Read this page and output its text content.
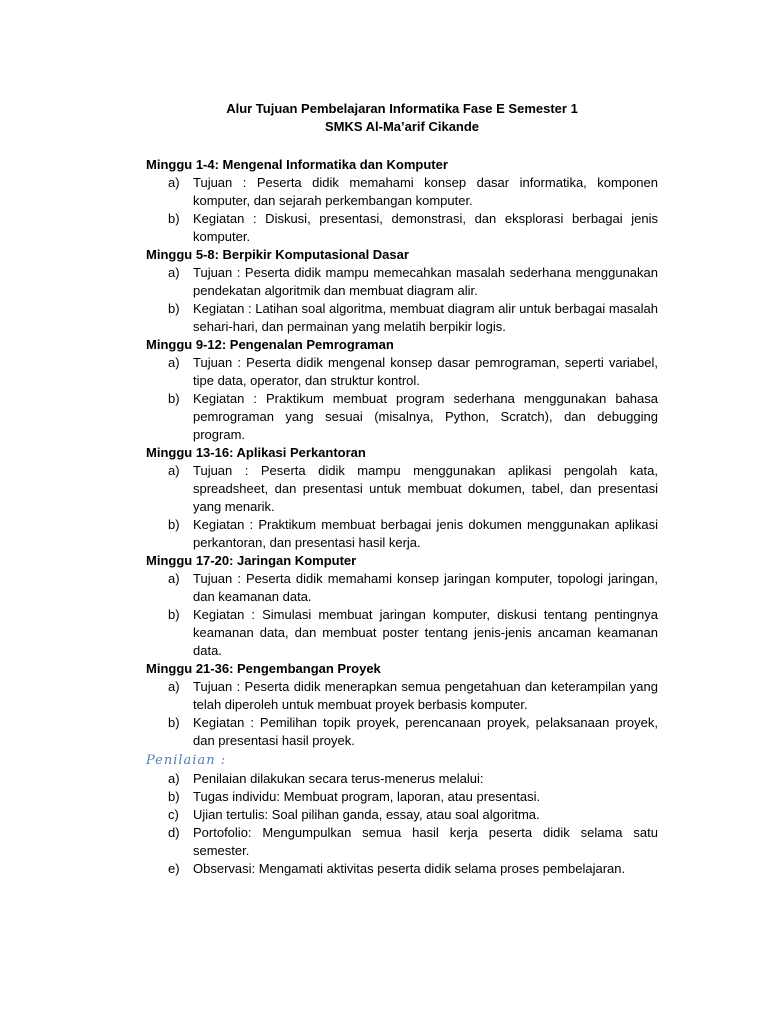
Alur Tujuan Pembelajaran Informatika Fase E Semester 1

SMKS Al-Ma’arif Cikande

Minggu 1-4: Mengenal Informatika dan Komputer

a) Tujuan : Peserta didik memahami konsep dasar informatika, komponen komputer, dan sejarah perkembangan komputer.
b) Kegiatan : Diskusi, presentasi, demonstrasi, dan eksplorasi berbagai jenis komputer.

Minggu 5-8: Berpikir Komputasional Dasar

a) Tujuan : Peserta didik mampu memecahkan masalah sederhana menggunakan pendekatan algoritmik dan membuat diagram alir.
b) Kegiatan : Latihan soal algoritma, membuat diagram alir untuk berbagai masalah sehari-hari, dan permainan yang melatih berpikir logis.

Minggu 9-12: Pengenalan Pemrograman

a) Tujuan : Peserta didik mengenal konsep dasar pemrograman, seperti variabel, tipe data, operator, dan struktur kontrol.
b) Kegiatan : Praktikum membuat program sederhana menggunakan bahasa pemrograman yang sesuai (misalnya, Python, Scratch), dan debugging program.

Minggu 13-16: Aplikasi Perkantoran

a) Tujuan : Peserta didik mampu menggunakan aplikasi pengolah kata, spreadsheet, dan presentasi untuk membuat dokumen, tabel, dan presentasi yang menarik.
b) Kegiatan : Praktikum membuat berbagai jenis dokumen menggunakan aplikasi perkantoran, dan presentasi hasil kerja.

Minggu 17-20: Jaringan Komputer

a) Tujuan : Peserta didik memahami konsep jaringan komputer, topologi jaringan, dan keamanan data.
b) Kegiatan : Simulasi membuat jaringan komputer, diskusi tentang pentingnya keamanan data, dan membuat poster tentang jenis-jenis ancaman keamanan data.

Minggu 21-36: Pengembangan Proyek

a) Tujuan : Peserta didik menerapkan semua pengetahuan dan keterampilan yang telah diperoleh untuk membuat proyek berbasis komputer.
b) Kegiatan : Pemilihan topik proyek, perencanaan proyek, pelaksanaan proyek, dan presentasi hasil proyek.

Penilaian :

a) Penilaian dilakukan secara terus-menerus melalui:
b) Tugas individu: Membuat program, laporan, atau presentasi.
c) Ujian tertulis: Soal pilihan ganda, essay, atau soal algoritma.
d) Portofolio: Mengumpulkan semua hasil kerja peserta didik selama satu semester.
e) Observasi: Mengamati aktivitas peserta didik selama proses pembelajaran.
